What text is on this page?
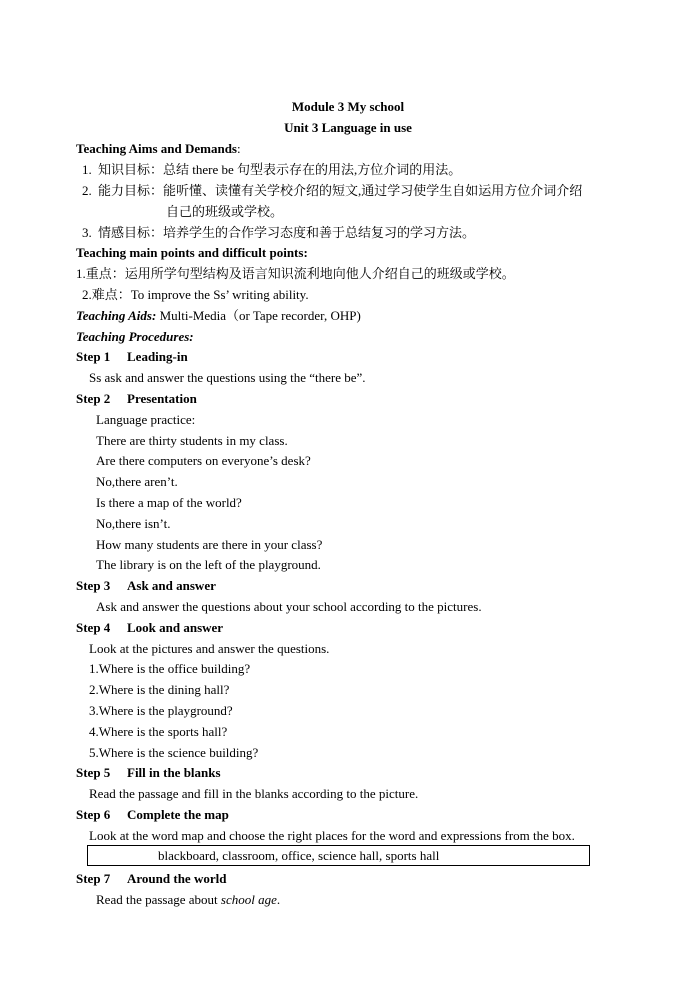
Module 3 My school
Unit 3 Language in use
Teaching Aims and Demands:
1. 知识目标：总结 there be 句型表示存在的用法,方位介词的用法。
2. 能力目标：能听懂、读懂有关学校介绍的短文,通过学习使学生自如运用方位介词介绍
自己的班级或学校。
3. 情感目标：培养学生的合作学习态度和善于总结复习的学习方法。
Teaching main points and difficult points:
1.重点：运用所学句型结构及语言知识流利地向他人介绍自己的班级或学校。
2.难点：To improve the Ss’ writing ability.
Teaching Aids: Multi-Media（or Tape recorder, OHP)
Teaching Procedures:
Step 1 Leading-in
Ss ask and answer the questions using the “there be”.
Step 2 Presentation
Language practice:
There are thirty students in my class.
Are there computers on everyone’s desk?
No,there aren’t.
Is there a map of the world?
No,there isn’t.
How many students are there in your class?
The library is on the left of the playground.
Step 3 Ask and answer
Ask and answer the questions about your school according to the pictures.
Step 4 Look and answer
Look at the pictures and answer the questions.
1.Where is the office building?
2.Where is the dining hall?
3.Where is the playground?
4.Where is the sports hall?
5.Where is the science building?
Step 5 Fill in the blanks
Read the passage and fill in the blanks according to the picture.
Step 6 Complete the map
Look at the word map and choose the right places for the word and expressions from the box.
blackboard, classroom, office, science hall, sports hall
Step 7 Around the world
Read the passage about school age.
